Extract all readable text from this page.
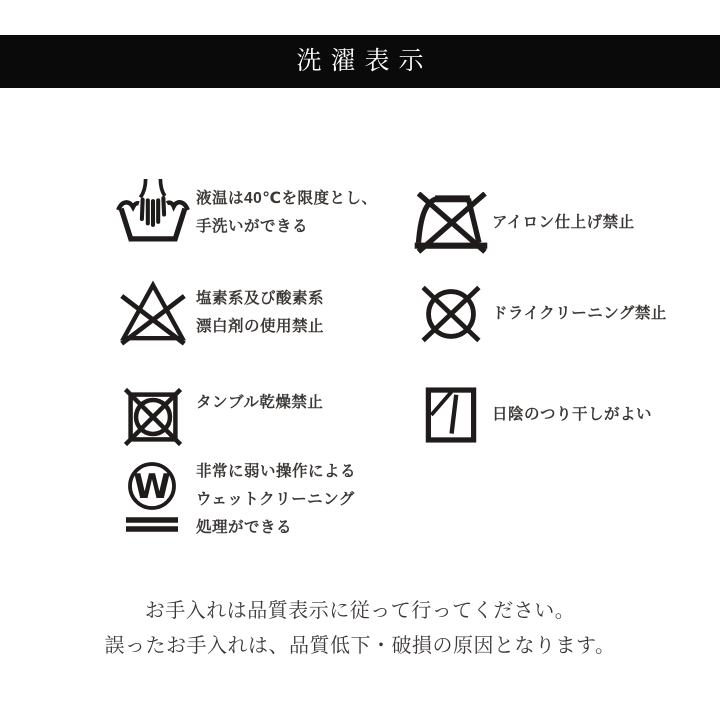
洗濯表示
液温は40℃を限度とし、
手洗いができる
塩素系及び酸素系
漂白剤の使用禁止
タンブル乾燥禁止
W 非常に弱い操作による
ウェットクリーニング
処理ができる
アイロン仕上げ禁止
ドライクリーニング禁止
日陰のつり干しがよい
お手入れは品質表示に従って行ってください。
誤ったお手入れは、品質低下・破損の原因となります。
